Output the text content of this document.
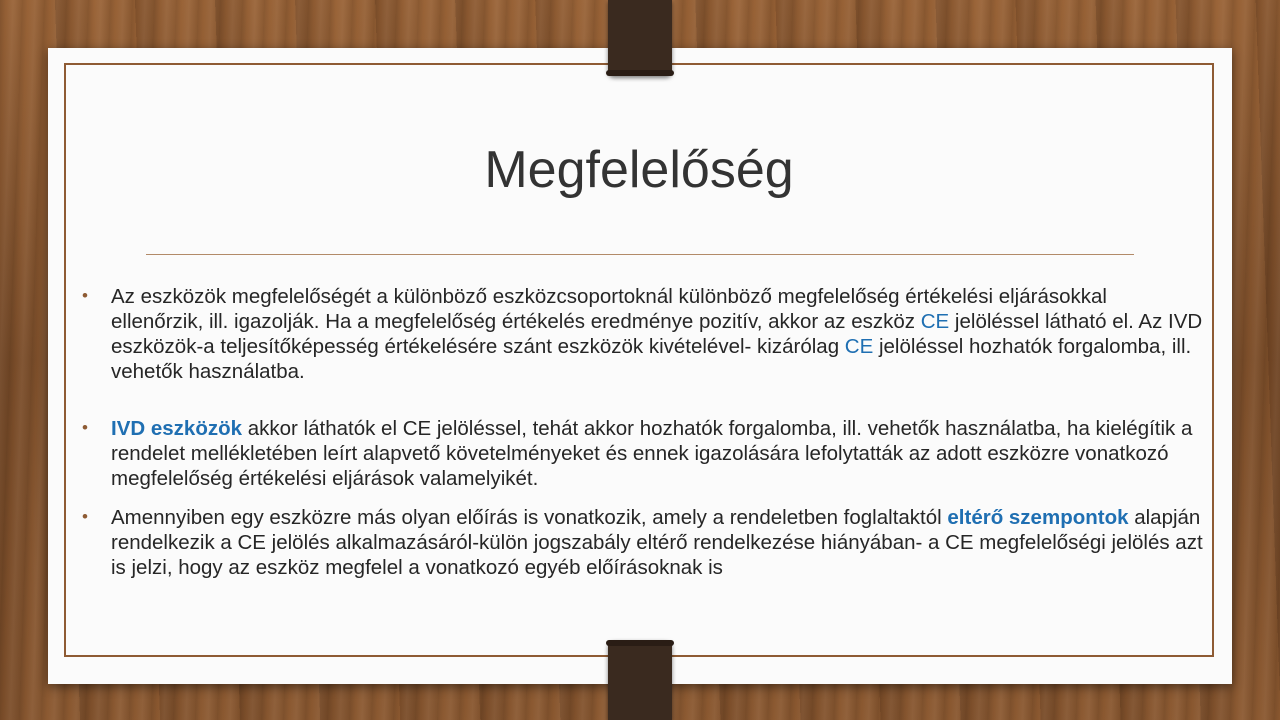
Megfelelőség

• Az eszközök megfelelőségét a különböző eszközcsoportoknál különböző megfelelőség értékelési eljárásokkal ellenőrzik, ill. igazolják. Ha a megfelelőség értékelés eredménye pozitív, akkor az eszköz CE jelöléssel látható el. Az IVD eszközök-a teljesítőképesség értékelésére szánt eszközök kivételével- kizárólag CE jelöléssel hozhatók forgalomba, ill. vehetők használatba.

• IVD eszközök akkor láthatók el CE jelöléssel, tehát akkor hozhatók forgalomba, ill. vehetők használatba, ha kielégítik a rendelet mellékletében leírt alapvető követelményeket és ennek igazolására lefolytatták az adott eszközre vonatkozó megfelelőség értékelési eljárások valamelyikét.

• Amennyiben egy eszközre más olyan előírás is vonatkozik, amely a rendeletben foglaltaktól eltérő szempontok alapján rendelkezik a CE jelölés alkalmazásáról-külön jogszabály eltérő rendelkezése hiányában- a CE megfelelőségi jelölés azt is jelzi, hogy az eszköz megfelel a vonatkozó egyéb előírásoknak is
